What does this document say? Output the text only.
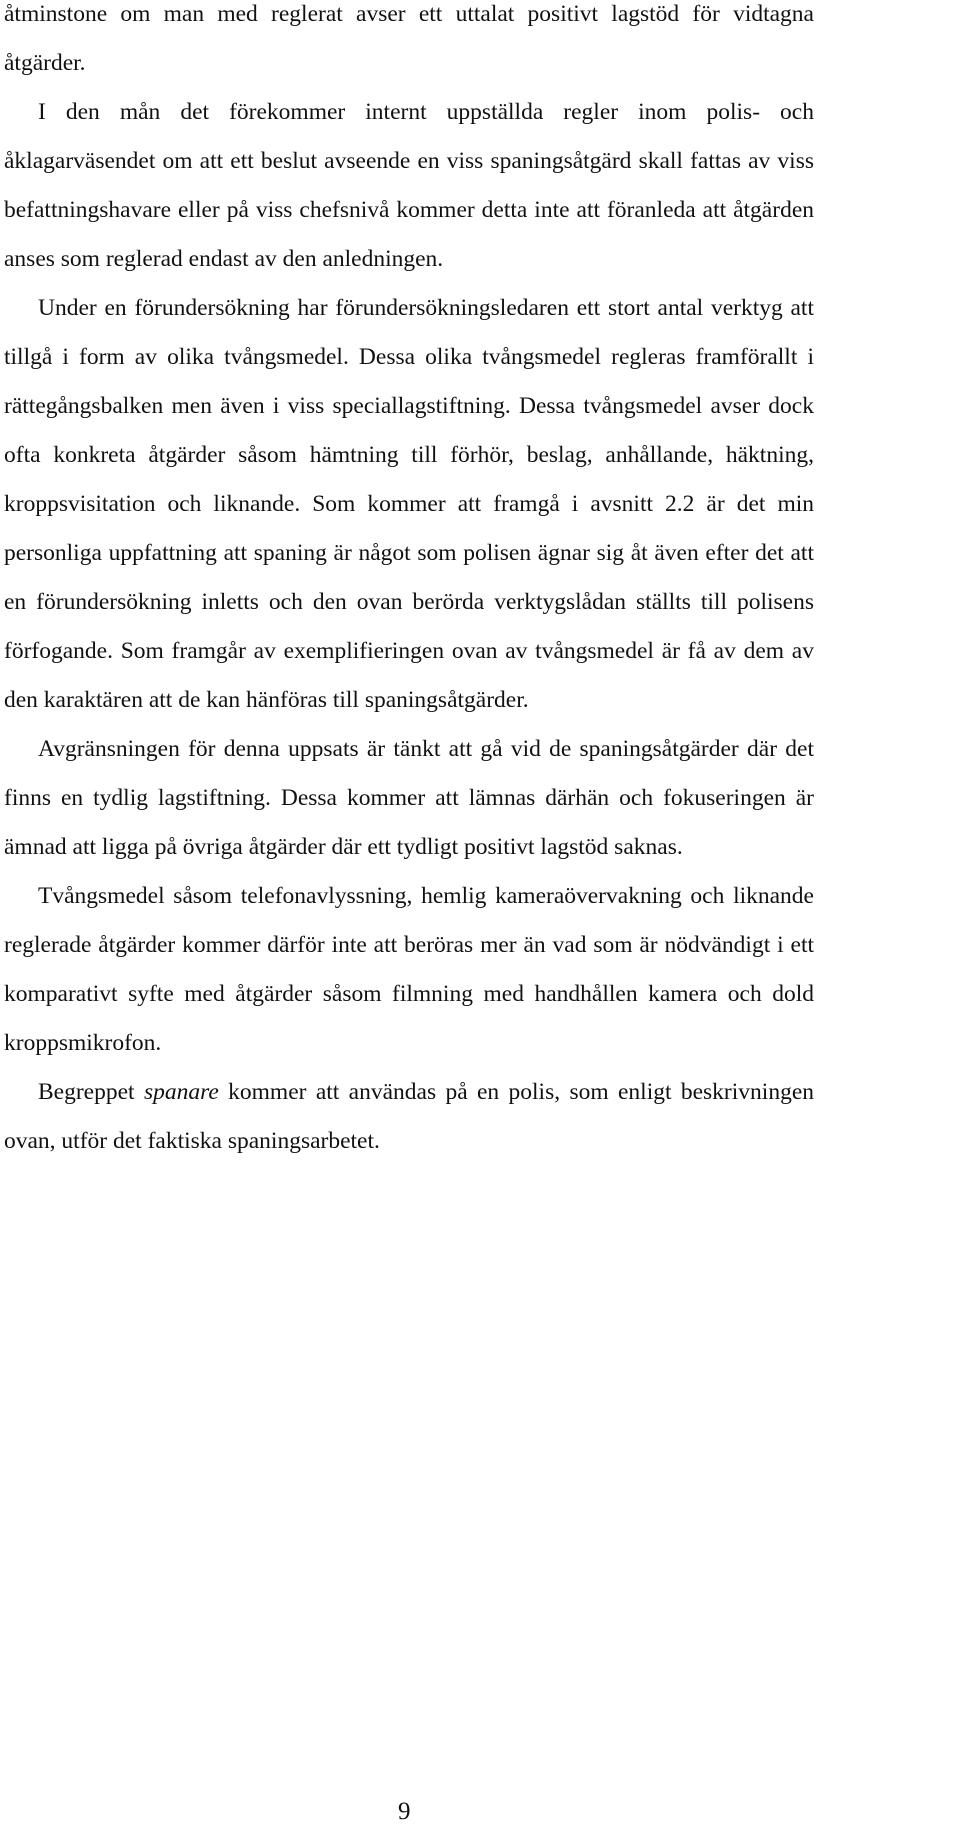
åtminstone om man med reglerat avser ett uttalat positivt lagstöd för vidtagna åtgärder.

I den mån det förekommer internt uppställda regler inom polis- och åklagarväsendet om att ett beslut avseende en viss spaningsåtgärd skall fattas av viss befattningshavare eller på viss chefsnivå kommer detta inte att föranleda att åtgärden anses som reglerad endast av den anledningen.

Under en förundersökning har förundersökningsledaren ett stort antal verktyg att tillgå i form av olika tvångsmedel. Dessa olika tvångsmedel regleras framförallt i rättegångsbalken men även i viss speciallagstiftning. Dessa tvångsmedel avser dock ofta konkreta åtgärder såsom hämtning till förhör, beslag, anhållande, häktning, kroppsvisitation och liknande. Som kommer att framgå i avsnitt 2.2 är det min personliga uppfattning att spaning är något som polisen ägnar sig åt även efter det att en förundersökning inletts och den ovan berörda verktygslådan ställts till polisens förfogande. Som framgår av exemplifieringen ovan av tvångsmedel är få av dem av den karaktären att de kan hänföras till spaningsåtgärder.

Avgränsningen för denna uppsats är tänkt att gå vid de spaningsåtgärder där det finns en tydlig lagstiftning. Dessa kommer att lämnas därhän och fokuseringen är ämnad att ligga på övriga åtgärder där ett tydligt positivt lagstöd saknas.

Tvångsmedel såsom telefonavlyssning, hemlig kameraövervakning och liknande reglerade åtgärder kommer därför inte att beröras mer än vad som är nödvändigt i ett komparativt syfte med åtgärder såsom filmning med handhållen kamera och dold kroppsmikrofon.

Begreppet spanare kommer att användas på en polis, som enligt beskrivningen ovan, utför det faktiska spaningsarbetet.

9
